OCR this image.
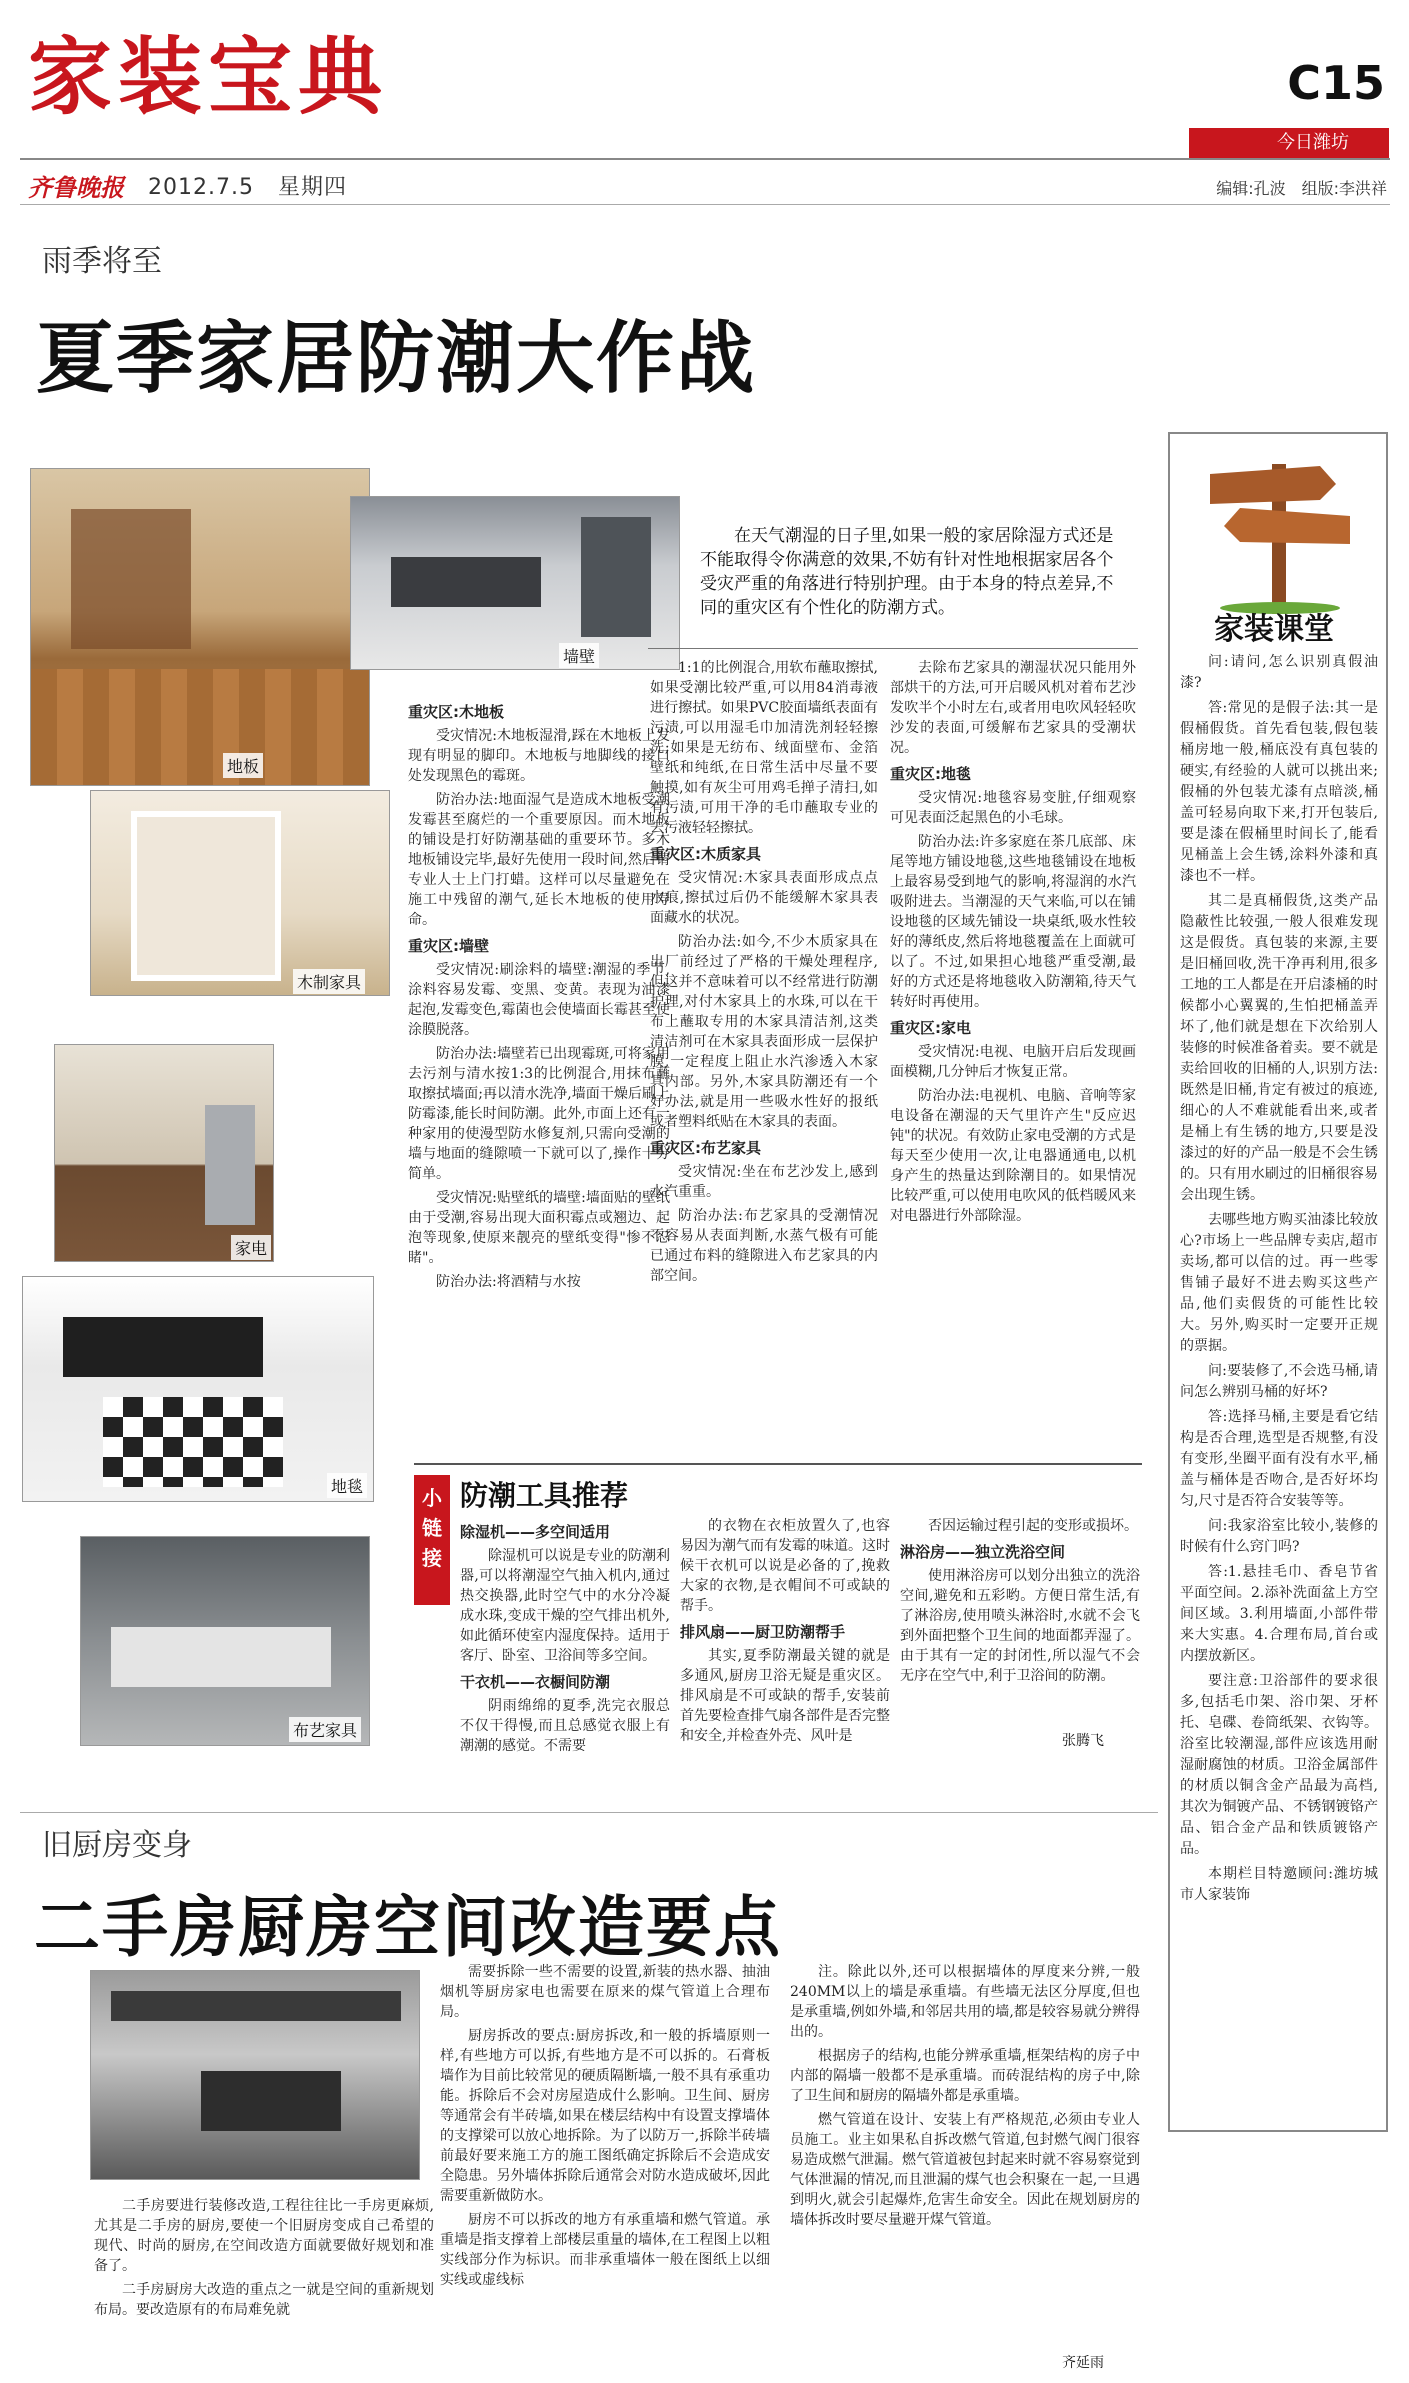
家装宝典	C15
今日潍坊
齐鲁晚报 2012.7.5 星期四	编辑:孔波　组版:李洪祥
雨季将至
夏季家居防潮大作战
地板
墙壁
木制家具
家电
地毯
布艺家具
在天气潮湿的日子里,如果一般的家居除湿方式还是不能取得令你满意的效果,不妨有针对性地根据家居各个受灾严重的角落进行特别护理。由于本身的特点差异,不同的重灾区有个性化的防潮方式。

重灾区:木地板

受灾情况:木地板湿滑,踩在木地板上发现有明显的脚印。木地板与地脚线的接口处发现黑色的霉斑。

防治办法:地面湿气是造成木地板受潮发霉甚至腐烂的一个重要原因。而木地板的铺设是打好防潮基础的重要环节。多木地板铺设完毕,最好先使用一段时间,然后请专业人士上门打蜡。这样可以尽量避免在施工中残留的潮气,延长木地板的使用寿命。

重灾区:墙壁

受灾情况:刷涂料的墙壁:潮湿的季节,涂料容易发霉、变黑、变黄。表现为油漆起泡,发霉变色,霉菌也会使墙面长霉甚至使涂膜脱落。

防治办法:墙壁若已出现霉斑,可将家用去污剂与清水按1:3的比例混合,用抹布蘸取擦拭墙面;再以清水洗净,墙面干燥后刷上防霉漆,能长时间防潮。此外,市面上还有一种家用的使漫型防水修复剂,只需向受潮的墙与地面的缝隙喷一下就可以了,操作十分简单。

受灾情况:贴壁纸的墙壁:墙面贴的壁纸由于受潮,容易出现大面积霉点或翘边、起泡等现象,使原来靓亮的壁纸变得"惨不忍睹"。

防治办法:将酒精与水按

1:1的比例混合,用软布蘸取擦拭,如果受潮比较严重,可以用84消毒液进行擦拭。如果PVC胶面墙纸表面有污渍,可以用湿毛巾加清洗剂轻轻擦洗;如果是无纺布、绒面壁布、金箔壁纸和纯纸,在日常生活中尽量不要触摸,如有灰尘可用鸡毛掸子清扫,如有污渍,可用干净的毛巾蘸取专业的去污液轻轻擦拭。

重灾区:木质家具

受灾情况:木家具表面形成点点水痕,擦拭过后仍不能缓解木家具表面藏水的状况。

防治办法:如今,不少木质家具在出厂前经过了严格的干燥处理程序,但这并不意味着可以不经常进行防潮护理,对付木家具上的水珠,可以在干布上蘸取专用的木家具清洁剂,这类清洁剂可在木家具表面形成一层保护膜,一定程度上阻止水汽渗透入木家具内部。另外,木家具防潮还有一个好办法,就是用一些吸水性好的报纸或者塑料纸贴在木家具的表面。

重灾区:布艺家具

受灾情况:坐在布艺沙发上,感到水汽重重。

防治办法:布艺家具的受潮情况不容易从表面判断,水蒸气极有可能已通过布料的缝隙进入布艺家具的内部空间。

去除布艺家具的潮湿状况只能用外部烘干的方法,可开启暖风机对着布艺沙发吹半个小时左右,或者用电吹风轻轻吹沙发的表面,可缓解布艺家具的受潮状况。

重灾区:地毯

受灾情况:地毯容易变脏,仔细观察可见表面泛起黑色的小毛球。

防治办法:许多家庭在茶几底部、床尾等地方铺设地毯,这些地毯铺设在地板上最容易受到地气的影响,将湿润的水汽吸附进去。当潮湿的天气来临,可以在铺设地毯的区域先铺设一块桌纸,吸水性较好的薄纸皮,然后将地毯覆盖在上面就可以了。不过,如果担心地毯严重受潮,最好的方式还是将地毯收入防潮箱,待天气转好时再使用。

重灾区:家电

受灾情况:电视、电脑开启后发现画面模糊,几分钟后才恢复正常。

防治办法:电视机、电脑、音响等家电设备在潮湿的天气里许产生"反应迟钝"的状况。有效防止家电受潮的方式是每天至少使用一次,让电器通通电,以机身产生的热量达到除潮目的。如果情况比较严重,可以使用电吹风的低档暖风来对电器进行外部除湿。

小链接
防潮工具推荐

除湿机——多空间适用

除湿机可以说是专业的防潮利器,可以将潮湿空气抽入机内,通过热交换器,此时空气中的水分冷凝成水珠,变成干燥的空气排出机外,如此循环使室内湿度保持。适用于客厅、卧室、卫浴间等多空间。

干衣机——衣橱间防潮

阴雨绵绵的夏季,洗完衣服总不仅干得慢,而且总感觉衣服上有潮潮的感觉。不需要

的衣物在衣柜放置久了,也容易因为潮气而有发霉的味道。这时候干衣机可以说是必备的了,挽救大家的衣物,是衣帽间不可或缺的帮手。

排风扇——厨卫防潮帮手

其实,夏季防潮最关键的就是多通风,厨房卫浴无疑是重灾区。排风扇是不可或缺的帮手,安装前首先要检查排气扇各部件是否完整和安全,并检查外壳、风叶是

否因运输过程引起的变形或损坏。

淋浴房——独立洗浴空间

使用淋浴房可以划分出独立的洗浴空间,避免和五彩哟。方便日常生活,有了淋浴房,使用喷头淋浴时,水就不会飞到外面把整个卫生间的地面都弄湿了。由于其有一定的封闭性,所以湿气不会无序在空气中,利于卫浴间的防潮。

张腾飞
家装课堂

问:请问,怎么识别真假油漆?

答:常见的是假子法:其一是假桶假货。首先看包装,假包装桶房地一般,桶底没有真包装的硬实,有经验的人就可以挑出来;假桶的外包装尤漆有点暗淡,桶盖可轻易向取下来,打开包装后,要是漆在假桶里时间长了,能看见桶盖上会生锈,涂料外漆和真漆也不一样。

其二是真桶假货,这类产品隐蔽性比较强,一般人很难发现这是假货。真包装的来源,主要是旧桶回收,洗干净再利用,很多工地的工人都是在开启漆桶的时候都小心翼翼的,生怕把桶盖弄坏了,他们就是想在下次给别人装修的时候准备着卖。要不就是卖给回收的旧桶的人,识别方法:既然是旧桶,肯定有被过的痕迹,细心的人不难就能看出来,或者是桶上有生锈的地方,只要是没漆过的好的产品一般是不会生锈的。只有用水刷过的旧桶很容易会出现生锈。

去哪些地方购买油漆比较放心?市场上一些品牌专卖店,超市卖场,都可以信的过。再一些零售铺子最好不进去购买这些产品,他们卖假货的可能性比较大。另外,购买时一定要开正规的票据。

问:要装修了,不会选马桶,请问怎么辨别马桶的好坏?

答:选择马桶,主要是看它结构是否合理,选型是否规整,有没有变形,坐圈平面有没有水平,桶盖与桶体是否吻合,是否好坏均匀,尺寸是否符合安装等等。

问:我家浴室比较小,装修的时候有什么窍门吗?

答:1.悬挂毛巾、香皂节省平面空间。2.添补洗面盆上方空间区域。3.利用墙面,小部件带来大实惠。4.合理布局,首台或内摆放新区。

要注意:卫浴部件的要求很多,包括毛巾架、浴巾架、牙杯托、皂碟、卷筒纸架、衣钩等。浴室比较潮湿,部件应该选用耐湿耐腐蚀的材质。卫浴金属部件的材质以铜含金产品最为高档,其次为铜镀产品、不锈钢镀铬产品、铝合金产品和铁质镀铬产品。

本期栏目特邀顾问:潍坊城市人家装饰

旧厨房变身
二手房厨房空间改造要点

二手房要进行装修改造,工程往往比一手房更麻烦,尤其是二手房的厨房,要使一个旧厨房变成自己希望的现代、时尚的厨房,在空间改造方面就要做好规划和准备了。

二手房厨房大改造的重点之一就是空间的重新规划布局。要改造原有的布局难免就

需要拆除一些不需要的设置,新装的热水器、抽油烟机等厨房家电也需要在原来的煤气管道上合理布局。

厨房拆改的要点:厨房拆改,和一般的拆墙原则一样,有些地方可以拆,有些地方是不可以拆的。石膏板墙作为目前比较常见的硬质隔断墙,一般不具有承重功能。拆除后不会对房屋造成什么影响。卫生间、厨房等通常会有半砖墙,如果在楼层结构中有设置支撑墙体的支撑梁可以放心地拆除。为了以防万一,拆除半砖墙前最好要来施工方的施工图纸确定拆除后不会造成安全隐患。另外墙体拆除后通常会对防水造成破坏,因此需要重新做防水。

厨房不可以拆改的地方有承重墙和燃气管道。承重墙是指支撑着上部楼层重量的墙体,在工程图上以粗实线部分作为标识。而非承重墙体一般在图纸上以细实线或虚线标

注。除此以外,还可以根据墙体的厚度来分辨,一般240MM以上的墙是承重墙。有些墙无法区分厚度,但也是承重墙,例如外墙,和邻居共用的墙,都是较容易就分辨得出的。

根据房子的结构,也能分辨承重墙,框架结构的房子中内部的隔墙一般都不是承重墙。而砖混结构的房子中,除了卫生间和厨房的隔墙外都是承重墙。

燃气管道在设计、安装上有严格规范,必须由专业人员施工。业主如果私自拆改燃气管道,包封燃气阀门很容易造成燃气泄漏。燃气管道被包封起来时就不容易察觉到气体泄漏的情况,而且泄漏的煤气也会积聚在一起,一旦遇到明火,就会引起爆炸,危害生命安全。因此在规划厨房的墙体拆改时要尽量避开煤气管道。

齐延雨
